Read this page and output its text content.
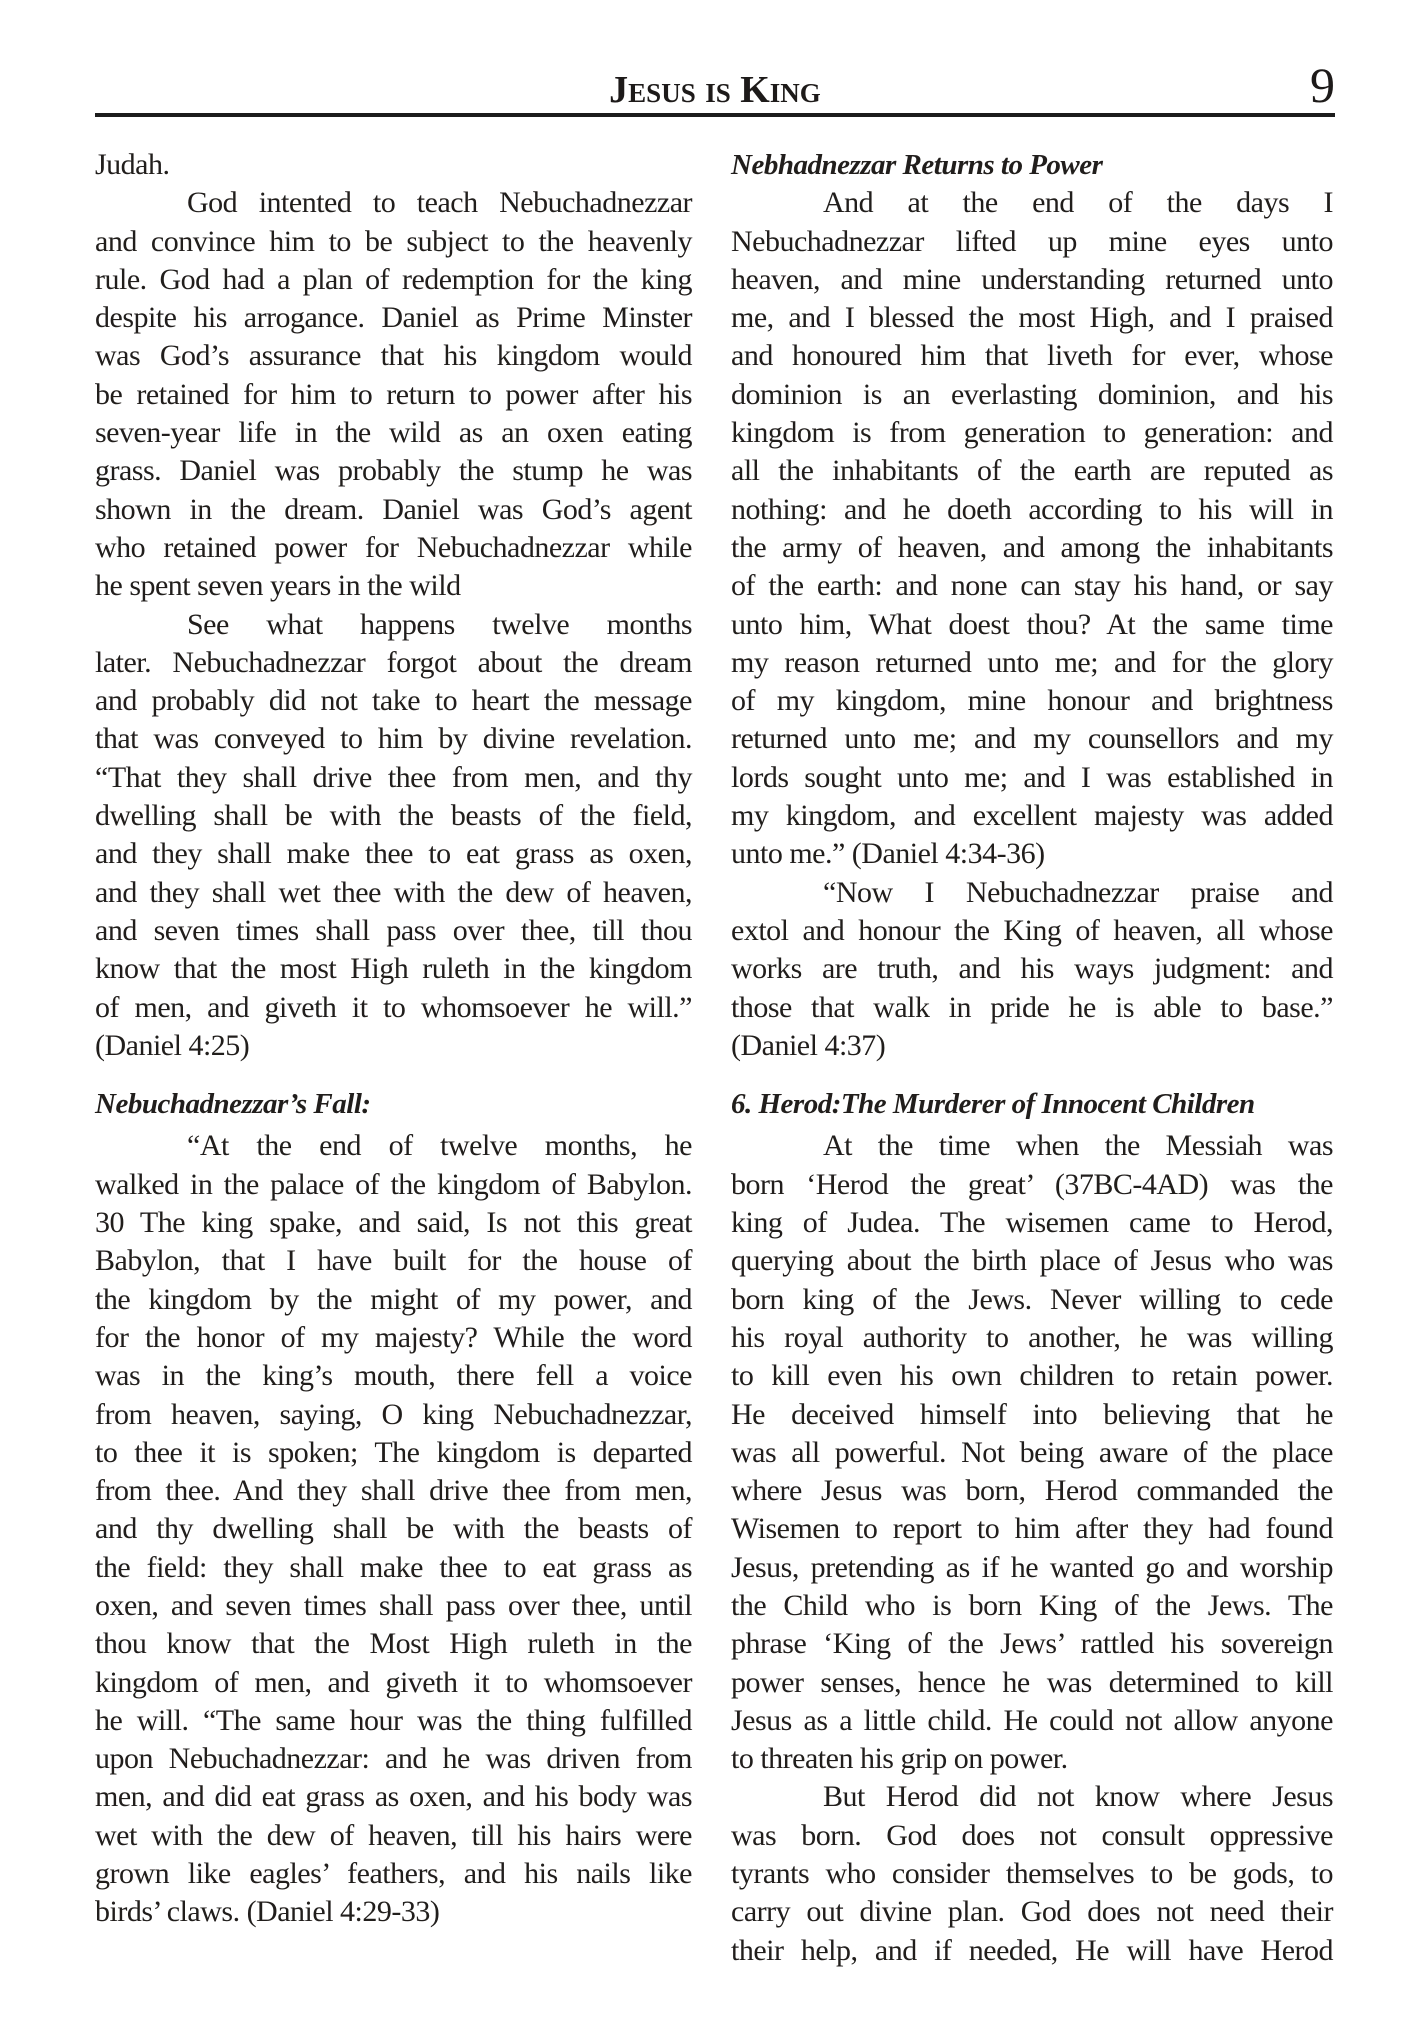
Jesus is King	9
Judah.
God intented to teach Nebuchadnezzar
and convince him to be subject to the heavenly
rule. God had a plan of redemption for the king
despite his arrogance. Daniel as Prime Minster
was God’s assurance that his kingdom would
be retained for him to return to power after his
seven-year life in the wild as an oxen eating
grass. Daniel was probably the stump he was
shown in the dream. Daniel was God’s agent
who retained power for Nebuchadnezzar while
he spent seven years in the wild
See what happens twelve months
later. Nebuchadnezzar forgot about the dream
and probably did not take to heart the message
that was conveyed to him by divine revelation.
“That they shall drive thee from men, and thy
dwelling shall be with the beasts of the field,
and they shall make thee to eat grass as oxen,
and they shall wet thee with the dew of heaven,
and seven times shall pass over thee, till thou
know that the most High ruleth in the kingdom
of men, and giveth it to whomsoever he will.”
(Daniel 4:25)
Nebuchadnezzar’s Fall:
“At the end of twelve months, he
walked in the palace of the kingdom of Babylon.
30 The king spake, and said, Is not this great
Babylon, that I have built for the house of
the kingdom by the might of my power, and
for the honor of my majesty? While the word
was in the king’s mouth, there fell a voice
from heaven, saying, O king Nebuchadnezzar,
to thee it is spoken; The kingdom is departed
from thee. And they shall drive thee from men,
and thy dwelling shall be with the beasts of
the field: they shall make thee to eat grass as
oxen, and seven times shall pass over thee, until
thou know that the Most High ruleth in the
kingdom of men, and giveth it to whomsoever
he will. “The same hour was the thing fulfilled
upon Nebuchadnezzar: and he was driven from
men, and did eat grass as oxen, and his body was
wet with the dew of heaven, till his hairs were
grown like eagles’ feathers, and his nails like
birds’ claws. (Daniel 4:29-33)
Nebhadnezzar Returns to Power
And at the end of the days I
Nebuchadnezzar lifted up mine eyes unto
heaven, and mine understanding returned unto
me, and I blessed the most High, and I praised
and honoured him that liveth for ever, whose
dominion is an everlasting dominion, and his
kingdom is from generation to generation: and
all the inhabitants of the earth are reputed as
nothing: and he doeth according to his will in
the army of heaven, and among the inhabitants
of the earth: and none can stay his hand, or say
unto him, What doest thou? At the same time
my reason returned unto me; and for the glory
of my kingdom, mine honour and brightness
returned unto me; and my counsellors and my
lords sought unto me; and I was established in
my kingdom, and excellent majesty was added
unto me.” (Daniel 4:34-36)
“Now I Nebuchadnezzar praise and
extol and honour the King of heaven, all whose
works are truth, and his ways judgment: and
those that walk in pride he is able to base.”
(Daniel 4:37)
6. Herod:The Murderer of Innocent Children
At the time when the Messiah was
born ‘Herod the great’ (37BC-4AD) was the
king of Judea. The wisemen came to Herod,
querying about the birth place of Jesus who was
born king of the Jews. Never willing to cede
his royal authority to another, he was willing
to kill even his own children to retain power.
He deceived himself into believing that he
was all powerful. Not being aware of the place
where Jesus was born, Herod commanded the
Wisemen to report to him after they had found
Jesus, pretending as if he wanted go and worship
the Child who is born King of the Jews. The
phrase ‘King of the Jews’ rattled his sovereign
power senses, hence he was determined to kill
Jesus as a little child. He could not allow anyone
to threaten his grip on power.
But Herod did not know where Jesus
was born. God does not consult oppressive
tyrants who consider themselves to be gods, to
carry out divine plan. God does not need their
their help, and if needed, He will have Herod
